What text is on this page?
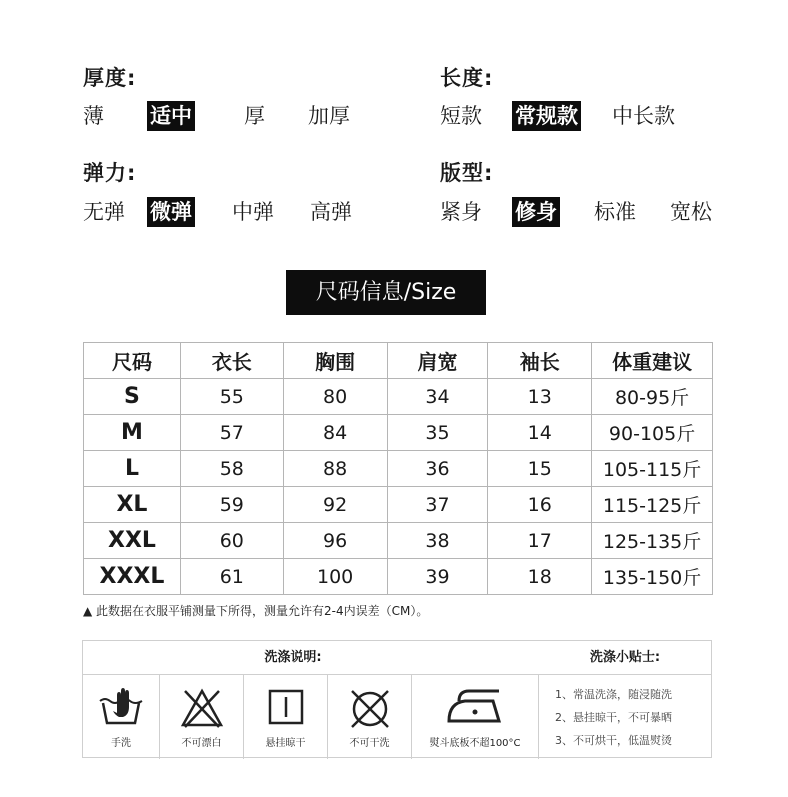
厚度:
薄 适中 厚 加厚
长度:
短款 常规款 中长款
弹力:
无弹 微弹 中弹 高弹
版型:
紧身 修身 标准 宽松
尺码信息/Size
尺码	衣长	胸围	肩宽	袖长	体重建议
S	55	80	34	13	80-95斤
M	57	84	35	14	90-105斤
L	58	88	36	15	105-115斤
XL	59	92	37	16	115-125斤
XXL	60	96	38	17	125-135斤
XXXL	61	100	39	18	135-150斤
▲ 此数据在衣服平铺测量下所得，测量允许有2-4内误差（CM）。
洗涤说明:	洗涤小贴士:
手洗	不可漂白	悬挂晾干	不可干洗	熨斗底板不超100°C
1、常温洗涤，随浸随洗
2、悬挂晾干，不可暴晒
3、不可烘干，低温熨烫
